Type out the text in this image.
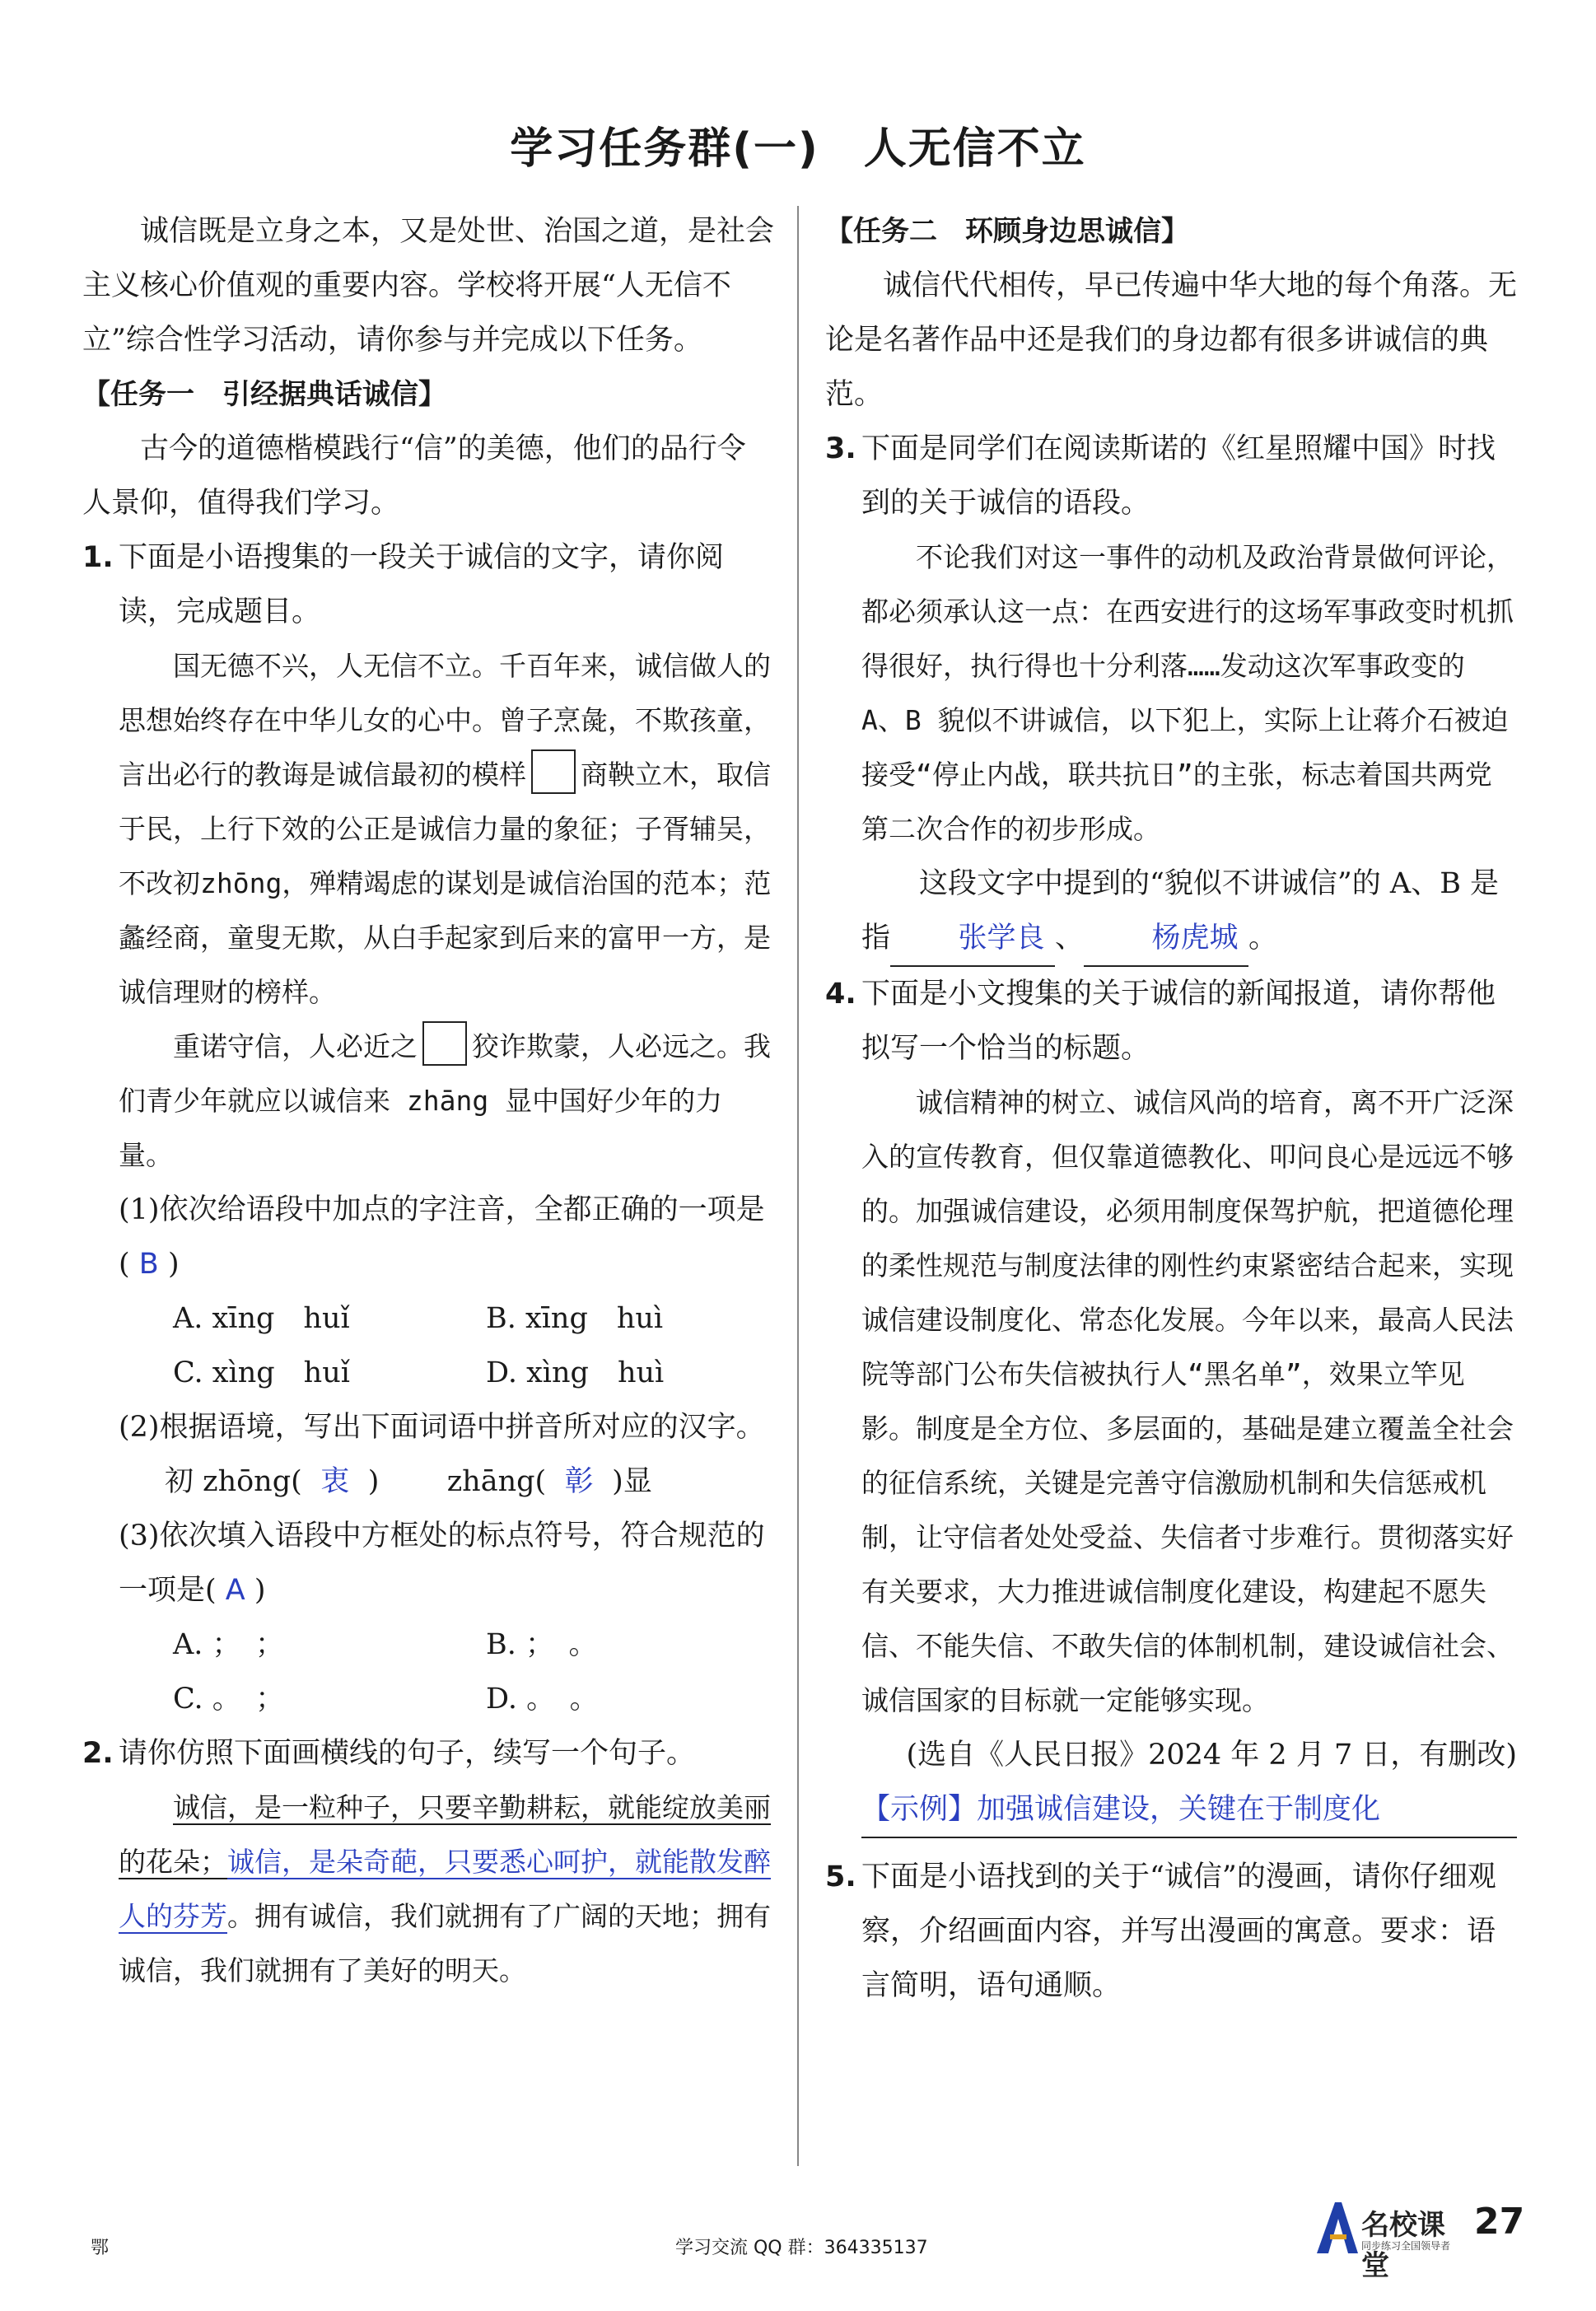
学习任务群(一)　人无信不立

诚信既是立身之本，又是处世、治国之道，是社会主义核心价值观的重要内容。学校将开展“人无信不立”综合性学习活动，请你参与并完成以下任务。

【任务一　引经据典话诚信】

古今的道德楷模践行“信”的美德，他们的品行令人景仰，值得我们学习。

1. 下面是小语搜集的一段关于诚信的文字，请你阅读，完成题目。

国无德不兴，人无信不立。千百年来，诚信做人的思想始终存在中华儿女的心中。曾子烹彘，不欺孩童，言出必行的教诲是诚信最初的模样 商鞅立木，取信于民，上行下效的公正是诚信力量的象征；子胥辅吴，不改初zhōng，殚精竭虑的谋划是诚信治国的范本；范蠡经商，童叟无欺，从白手起家到后来的富甲一方，是诚信理财的榜样。

重诺守信，人必近之 狡诈欺蒙，人必远之。我们青少年就应以诚信来 zhāng 显中国好少年的力量。

(1)依次给语段中加点的字注音，全都正确的一项是( B )
A. xīng　huǐ	B. xīng　huì
C. xìng　huǐ	D. xìng　huì
(2)根据语境，写出下面词语中拼音所对应的汉字。
初 zhōng( 衷 ) zhāng( 彰 )显
(3)依次填入语段中方框处的标点符号，符合规范的一项是( A )
A. ；　；	B. ；　。
C. 。　；	D. 。　。
2. 请你仿照下面画横线的句子，续写一个句子。

诚信，是一粒种子，只要辛勤耕耘，就能绽放美丽的花朵；诚信，是朵奇葩，只要悉心呵护，就能散发醉人的芬芳。拥有诚信，我们就拥有了广阔的天地；拥有诚信，我们就拥有了美好的明天。

【任务二　环顾身边思诚信】

诚信代代相传，早已传遍中华大地的每个角落。无论是名著作品中还是我们的身边都有很多讲诚信的典范。

3. 下面是同学们在阅读斯诺的《红星照耀中国》时找到的关于诚信的语段。

不论我们对这一事件的动机及政治背景做何评论，都必须承认这一点：在西安进行的这场军事政变时机抓得很好，执行得也十分利落……发动这次军事政变的 A、B 貌似不讲诚信，以下犯上，实际上让蒋介石被迫接受“停止内战，联共抗日”的主张，标志着国共两党第二次合作的初步形成。

这段文字中提到的“貌似不讲诚信”的 A、B 是指 张学良 、 杨虎城 。

4. 下面是小文搜集的关于诚信的新闻报道，请你帮他拟写一个恰当的标题。

诚信精神的树立、诚信风尚的培育，离不开广泛深入的宣传教育，但仅靠道德教化、叩问良心是远远不够的。加强诚信建设，必须用制度保驾护航，把道德伦理的柔性规范与制度法律的刚性约束紧密结合起来，实现诚信建设制度化、常态化发展。今年以来，最高人民法院等部门公布失信被执行人“黑名单”，效果立竿见影。制度是全方位、多层面的，基础是建立覆盖全社会的征信系统，关键是完善守信激励机制和失信惩戒机制，让守信者处处受益、失信者寸步难行。贯彻落实好有关要求，大力推进诚信制度化建设，构建起不愿失信、不能失信、不敢失信的体制机制，建设诚信社会、诚信国家的目标就一定能够实现。

(选自《人民日报》2024 年 2 月 7 日，有删改)
【示例】加强诚信建设，关键在于制度化
5. 下面是小语找到的关于“诚信”的漫画，请你仔细观察，介绍画面内容，并写出漫画的寓意。要求：语言简明，语句通顺。
鄂	学习交流 QQ 群：364335137
名校课堂
同步练习全国领导者
27
